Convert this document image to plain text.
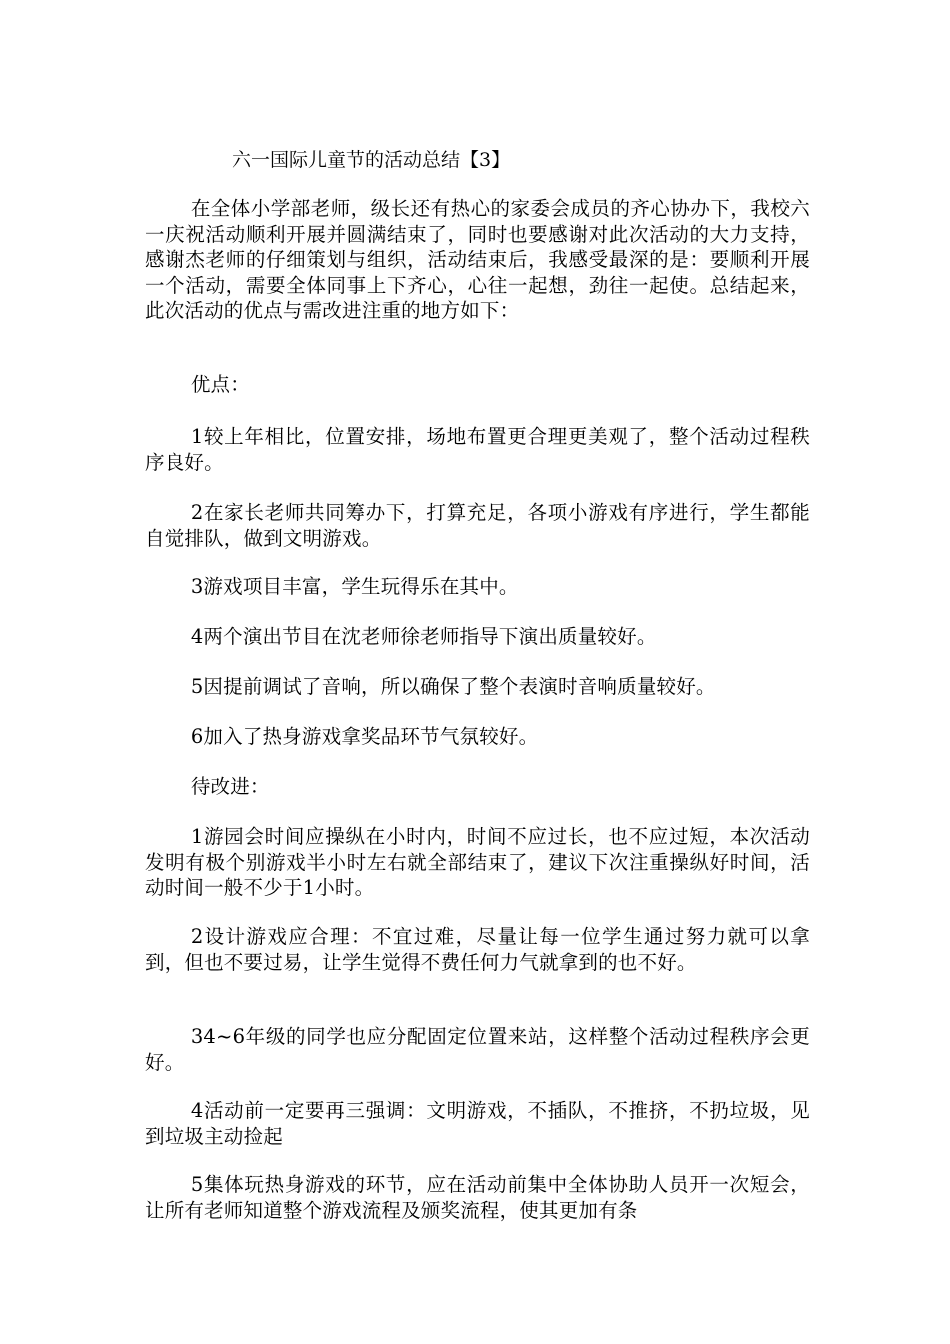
六一国际儿童节的活动总结【3】

在全体小学部老师，级长还有热心的家委会成员的齐心协办下，我校六一庆祝活动顺利开展并圆满结束了，同时也要感谢对此次活动的大力支持，感谢杰老师的仔细策划与组织，活动结束后，我感受最深的是：要顺利开展一个活动，需要全体同事上下齐心，心往一起想，劲往一起使。总结起来，此次活动的优点与需改进注重的地方如下：

优点：

1较上年相比，位置安排，场地布置更合理更美观了，整个活动过程秩序良好。

2在家长老师共同筹办下，打算充足，各项小游戏有序进行，学生都能自觉排队，做到文明游戏。

3游戏项目丰富，学生玩得乐在其中。

4两个演出节目在沈老师徐老师指导下演出质量较好。

5因提前调试了音响，所以确保了整个表演时音响质量较好。

6加入了热身游戏拿奖品环节气氛较好。

待改进：

1游园会时间应操纵在小时内，时间不应过长，也不应过短，本次活动发明有极个别游戏半小时左右就全部结束了，建议下次注重操纵好时间，活动时间一般不少于1小时。

2设计游戏应合理：不宜过难，尽量让每一位学生通过努力就可以拿到，但也不要过易，让学生觉得不费任何力气就拿到的也不好。

34~6年级的同学也应分配固定位置来站，这样整个活动过程秩序会更好。

4活动前一定要再三强调：文明游戏，不插队，不推挤，不扔垃圾，见到垃圾主动捡起

5集体玩热身游戏的环节，应在活动前集中全体协助人员开一次短会，让所有老师知道整个游戏流程及颁奖流程，使其更加有条
